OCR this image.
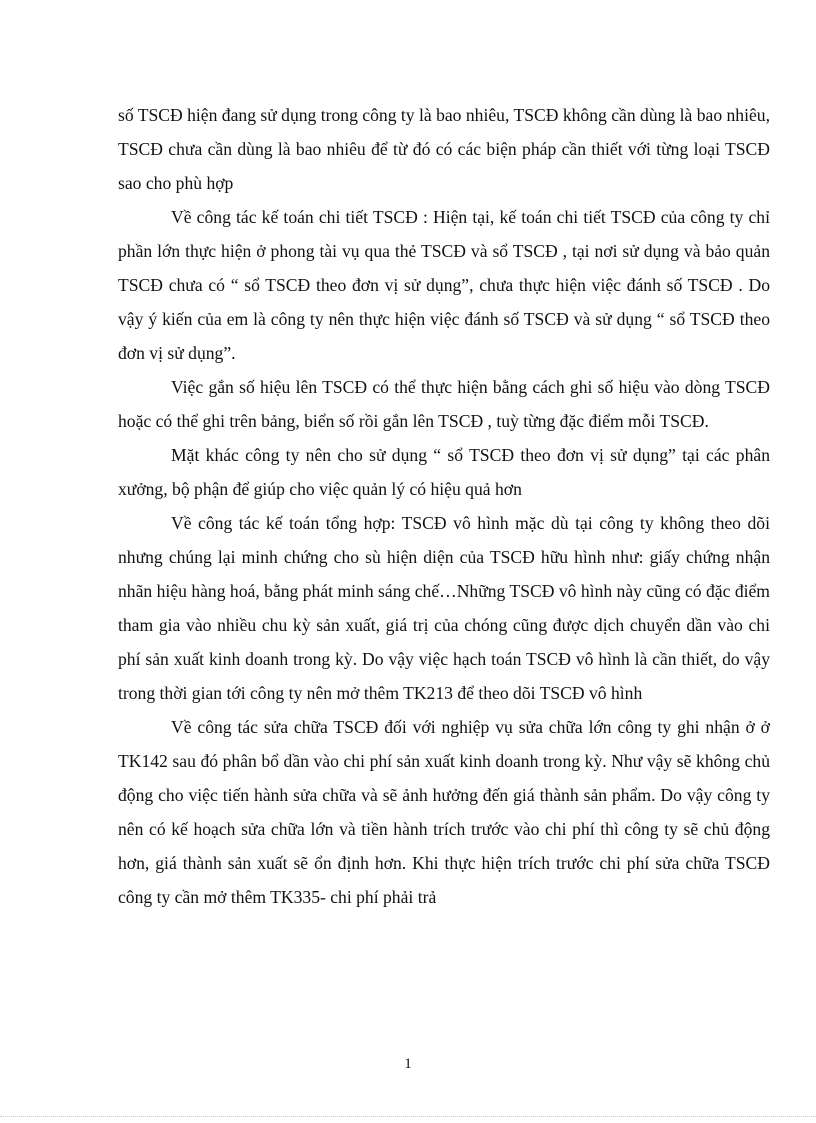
số TSCĐ hiện đang sử dụng trong công ty là bao nhiêu, TSCĐ không cần dùng là bao nhiêu, TSCĐ chưa cần dùng là bao nhiêu để từ đó có các biện pháp cần thiết với từng loại TSCĐ sao cho phù hợp

Về công tác kế toán chi tiết TSCĐ : Hiện tại, kế toán chi tiết TSCĐ của công ty chỉ phần lớn thực hiện ở phong tài vụ qua thẻ TSCĐ và sổ TSCĐ , tại nơi sử dụng và bảo quản TSCĐ chưa có “ sổ TSCĐ theo đơn vị sử dụng”, chưa thực hiện việc đánh số TSCĐ . Do vậy ý kiến của em là công ty nên thực hiện việc đánh số TSCĐ và sử dụng “ sổ TSCĐ theo đơn vị sử dụng”.

Việc gắn số hiệu lên TSCĐ có thể thực hiện bằng cách ghi số hiệu vào dòng TSCĐ hoặc có thể ghi trên bảng, biển số rồi gắn lên TSCĐ , tuỳ từng đặc điểm mỗi TSCĐ.

Mặt khác công ty nên cho sử dụng “ sổ TSCĐ theo đơn vị sử dụng” tại các phân xưởng, bộ phận để giúp cho việc quản lý có hiệu quả hơn

Về công tác kế toán tổng hợp: TSCĐ vô hình mặc dù tại công ty không theo dõi nhưng chúng lại minh chứng cho sù hiện diện của TSCĐ hữu hình như: giấy chứng nhận nhãn hiệu hàng hoá, bằng phát minh sáng chế…Những TSCĐ vô hình này cũng có đặc điểm tham gia vào nhiều chu kỳ sản xuất, giá trị của chóng cũng được dịch chuyển dần vào chi phí sản xuất kinh doanh trong kỳ. Do vậy việc hạch toán TSCĐ vô hình là cần thiết, do vậy trong thời gian tới công ty nên mở thêm TK213 để theo dõi TSCĐ vô hình

Về công tác sửa chữa TSCĐ đối với nghiệp vụ sửa chữa lớn công ty ghi nhận ở ở TK142 sau đó phân bổ dần vào chi phí sản xuất kinh doanh trong kỳ. Như vậy sẽ không chủ động cho việc tiến hành sửa chữa và sẽ ảnh hưởng đến giá thành sản phẩm. Do vậy công ty nên có kế hoạch sửa chữa lớn và tiền hành trích trước vào chi phí thì công ty sẽ chủ động hơn, giá thành sản xuất sẽ ổn định hơn. Khi thực hiện trích trước chi phí sửa chữa TSCĐ công ty cần mở thêm TK335- chi phí phải trả

1
